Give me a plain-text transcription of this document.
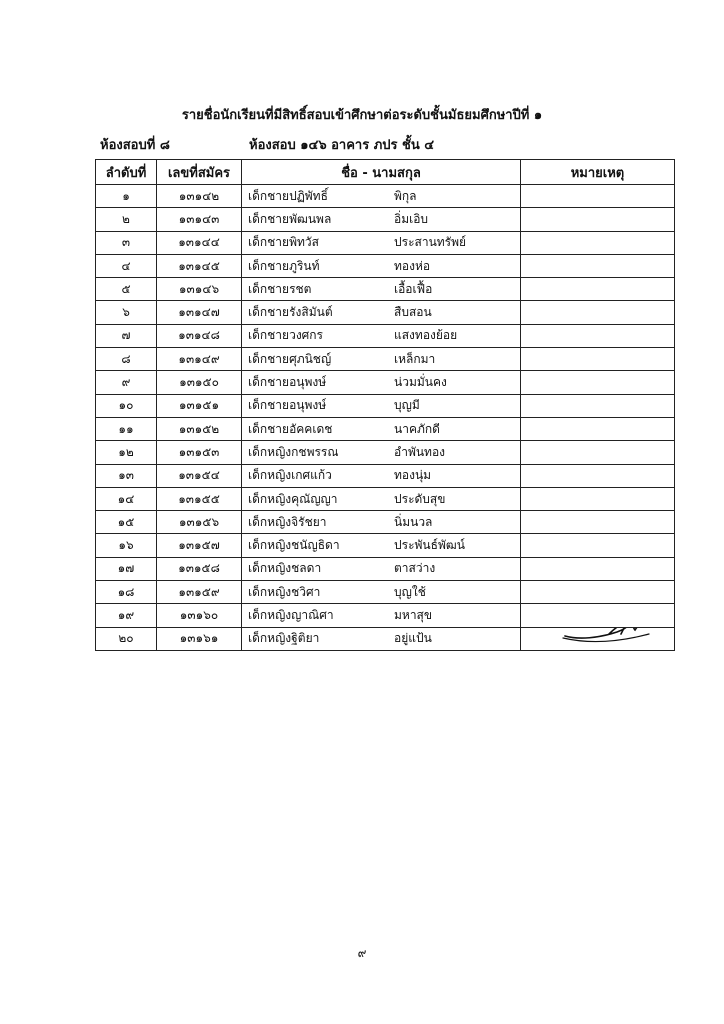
รายชื่อนักเรียนที่มีสิทธิ์สอบเข้าศึกษาต่อระดับชั้นมัธยมศึกษาปีที่ ๑
ห้องสอบที่ ๘	ห้องสอบ ๑๔๖ อาคาร ภปร ชั้น ๔
ลำดับที่	เลขที่สมัคร	ชื่อ - นามสกุล	หมายเหตุ
๑	๑๓๑๔๒	เด็กชายปฏิพัทธิ์ พิกุล	
๒	๑๓๑๔๓	เด็กชายพัฒนพล อิ่มเอิบ	
๓	๑๓๑๔๔	เด็กชายพิทวัส ประสานทรัพย์	
๔	๑๓๑๔๕	เด็กชายภูรินท์ ทองห่อ	
๕	๑๓๑๔๖	เด็กชายรชต เอื้อเฟื้อ	
๖	๑๓๑๔๗	เด็กชายรังสิมันต์ สืบสอน	
๗	๑๓๑๔๘	เด็กชายวงศกร แสงทองย้อย	
๘	๑๓๑๔๙	เด็กชายศุภนิชญ์ เหล็กมา	
๙	๑๓๑๕๐	เด็กชายอนุพงษ์ น่วมมั่นคง	
๑๐	๑๓๑๕๑	เด็กชายอนุพงษ์ บุญมี	
๑๑	๑๓๑๕๒	เด็กชายอัคคเดช นาคภักดี	
๑๒	๑๓๑๕๓	เด็กหญิงกชพรรณ อำพันทอง	
๑๓	๑๓๑๕๔	เด็กหญิงเกศแก้ว ทองนุ่ม	
๑๔	๑๓๑๕๕	เด็กหญิงคุณัญญา ประดับสุข	
๑๕	๑๓๑๕๖	เด็กหญิงจิรัชยา นิ่มนวล	
๑๖	๑๓๑๕๗	เด็กหญิงชนัญธิดา ประพันธ์พัฒน์	
๑๗	๑๓๑๕๘	เด็กหญิงชลดา ตาสว่าง	
๑๘	๑๓๑๕๙	เด็กหญิงชวิศา บุญใช้	
๑๙	๑๓๑๖๐	เด็กหญิงญาณิศา มหาสุข	
๒๐	๑๓๑๖๑	เด็กหญิงฐิติยา อยู่แป้น	
๙
